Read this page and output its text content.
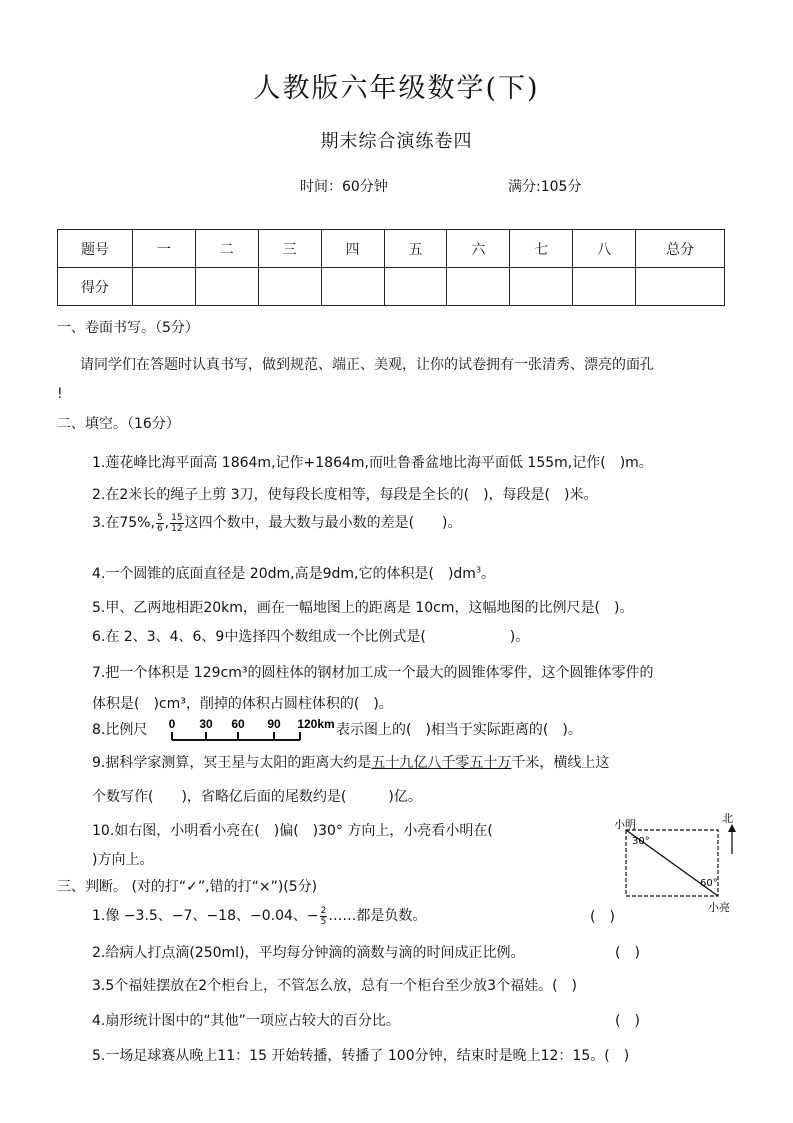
人教版六年级数学(下)
期末综合演练卷四
时间：60分钟	满分:105分
题号	一	二	三	四	五	六	七	八	总分
得分									
一、卷面书写。（5分）
请同学们在答题时认真书写，做到规范、端正、美观，让你的试卷拥有一张清秀、漂亮的面孔
!
二、填空。（16分）
1.莲花峰比海平面高 1864m,记作+1864m,而吐鲁番盆地比海平面低 155m,记作(　)m。
2.在2米长的绳子上剪 3刀，使每段长度相等，每段是全长的(　)，每段是(　)米。
3.在75%, $\frac{5}{6}$ , $\frac{15}{12}$ 这四个数中，最大数与最小数的差是(　　)。
4.一个圆锥的底面直径是 20dm,高是9dm,它的体积是(　)$dm^3$。
5.甲、乙两地相距20km，画在一幅地图上的距离是 10cm，这幅地图的比例尺是(　)。
6.在 2、3、4、6、9中选择四个数组成一个比例式是(　　　　　　)。
7.把一个体积是 129cm³的圆柱体的钢材加工成一个最大的圆锥体零件，这个圆锥体零件的
体积是(　)cm³，削掉的体积占圆柱体积的(　)。
8.比例尺 0 30 60 90 120km 表示图上的(　)相当于实际距离的(　)。
9.据科学家测算，冥王星与太阳的距离大约是五十九亿八千零五十万千米，横线上这
个数写作(　　)，省略亿后面的尾数约是(　　　)亿。
10.如右图，小明看小亮在(　)偏(　)30° 方向上，小亮看小明在(
)方向上。
小明
30°
60°
小亮
北
三、判断。 (对的打“✓”,错的打“×”)(5分)
1.像 −3.5、−7、−18、−0.04、− $\frac{2}{5}$ ……都是负数。	(　)
2.给病人打点滴(250ml)，平均每分钟滴的滴数与滴的时间成正比例。	(　)
3.5个福娃摆放在2个柜台上，不管怎么放，总有一个柜台至少放3个福娃。(　)
4.扇形统计图中的“其他”一项应占较大的百分比。	(　)
5.一场足球赛从晚上11：15 开始转播，转播了 100分钟，结束时是晚上12：15。(　)
